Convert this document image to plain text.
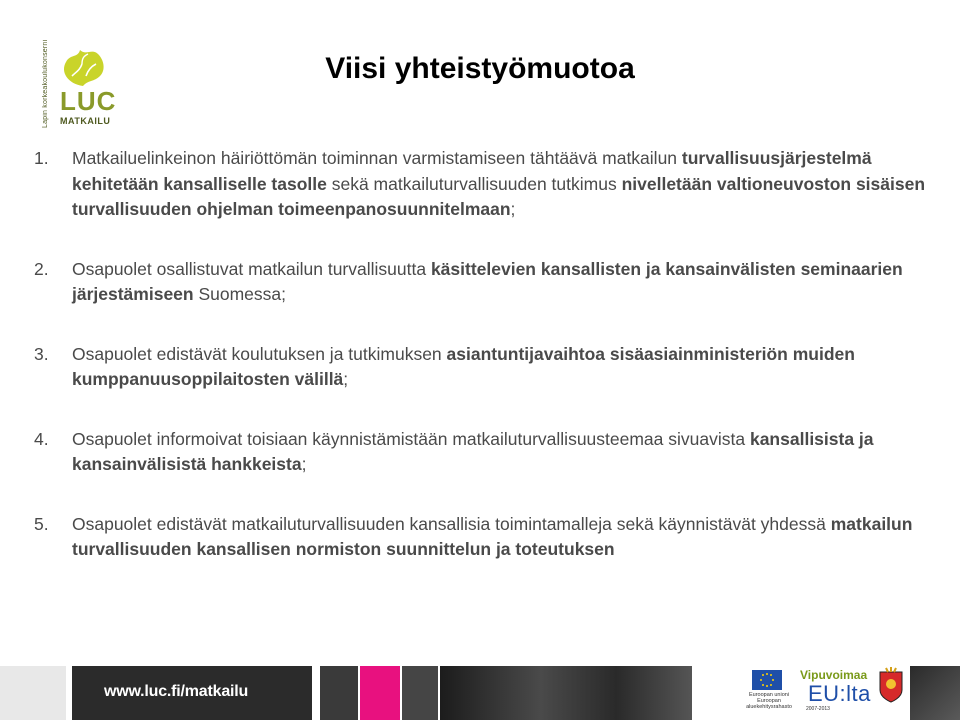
Lapin korkeakoulukonserni LUC
MATKAILU
Viisi yhteistyömuotoa
1. Matkailuelinkeinon häiriöttömän toiminnan varmistamiseen tähtäävä matkailun turvallisuusjärjestelmä kehitetään kansalliselle tasolle sekä matkailuturvallisuuden tutkimus nivelletään valtioneuvoston sisäisen turvallisuuden ohjelman toimeenpanosuunnitelmaan;
2. Osapuolet osallistuvat matkailun turvallisuutta käsittelevien kansallisten ja kansainvälisten seminaarien järjestämiseen Suomessa;
3. Osapuolet edistävät koulutuksen ja tutkimuksen asiantuntijavaihtoa sisäasiainministeriön muiden kumppanuusoppilaitosten välillä;
4. Osapuolet informoivat toisiaan käynnistämistään matkailuturvallisuusteemaa sivuavista kansallisista ja kansainvälisistä hankkeista;
5. Osapuolet edistävät matkailuturvallisuuden kansallisia toimintamalleja sekä käynnistävät yhdessä matkailun turvallisuuden kansallisen normiston suunnittelun ja toteutuksen
www.luc.fi/matkailu	Euroopan unioni Euroopan aluekehitysrahasto
Vipuvoimaa
EU:lta
2007-2013
